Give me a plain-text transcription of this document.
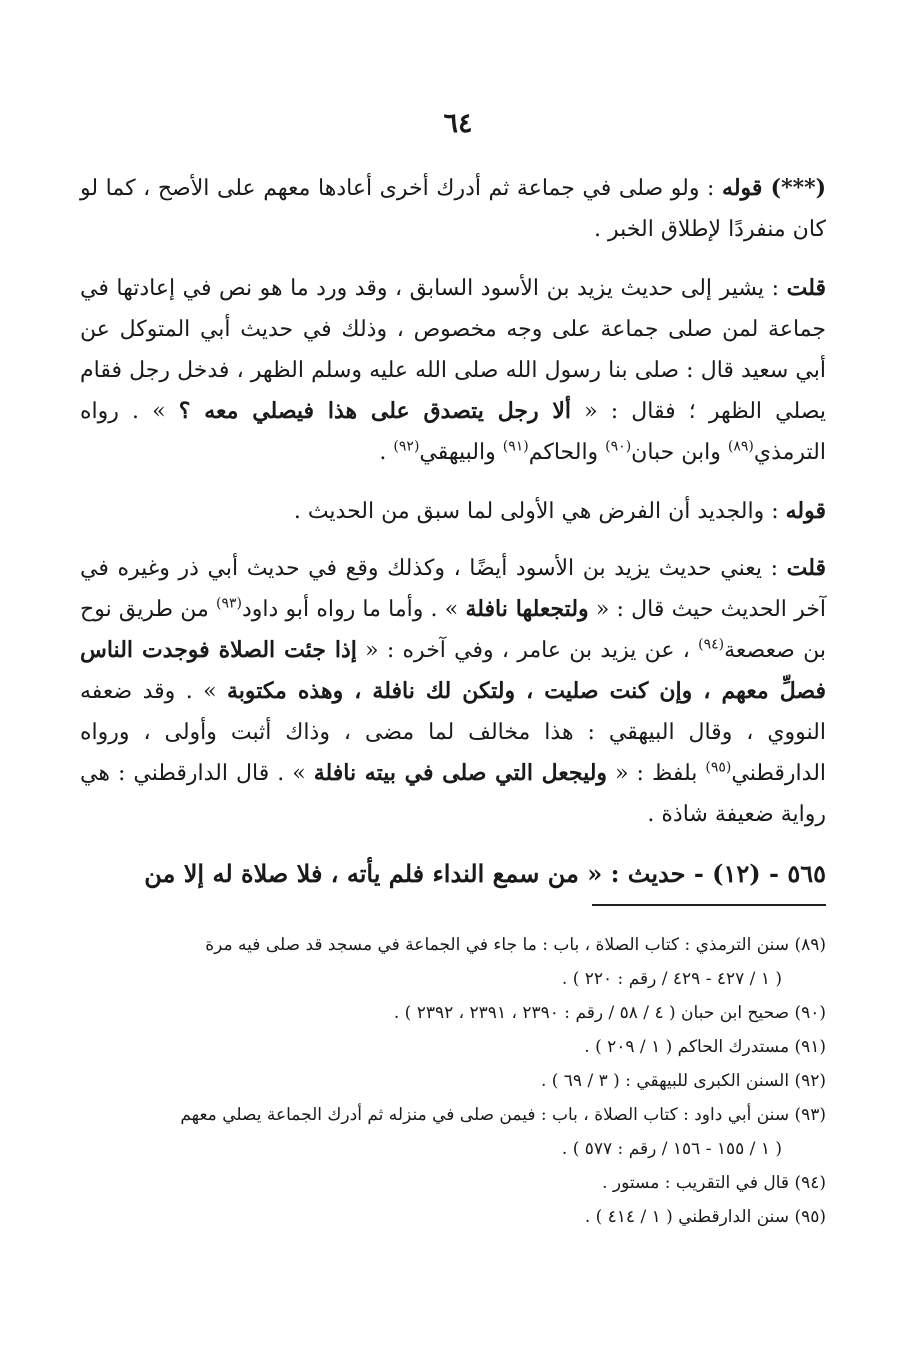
٦٤

(***) قوله : ولو صلى في جماعة ثم أدرك أخرى أعادها معهم على الأصح ، كما لو كان منفردًا لإطلاق الخبر .

قلت : يشير إلى حديث يزيد بن الأسود السابق ، وقد ورد ما هو نص في إعادتها في جماعة لمن صلى جماعة على وجه مخصوص ، وذلك في حديث أبي المتوكل عن أبي سعيد قال : صلى بنا رسول الله صلى الله عليه وسلم الظهر ، فدخل رجل فقام يصلي الظهر ؛ فقال : « ألا رجل يتصدق على هذا فيصلي معه ؟ » . رواه الترمذي$^{(٨٩)}$ وابن حبان$^{(٩٠)}$ والحاكم$^{(٩١)}$ والبيهقي$^{(٩٢)}$ .

قوله : والجديد أن الفرض هي الأولى لما سبق من الحديث .

قلت : يعني حديث يزيد بن الأسود أيضًا ، وكذلك وقع في حديث أبي ذر وغيره في آخر الحديث حيث قال : « ولتجعلها نافلة » . وأما ما رواه أبو داود$^{(٩٣)}$ من طريق نوح بن صعصعة$^{(٩٤)}$ ، عن يزيد بن عامر ، وفي آخره : « إذا جئت الصلاة فوجدت الناس فصلِّ معهم ، وإن كنت صليت ، ولتكن لك نافلة ، وهذه مكتوبة » . وقد ضعفه النووي ، وقال البيهقي : هذا مخالف لما مضى ، وذاك أثبت وأولى ، ورواه الدارقطني$^{(٩٥)}$ بلفظ : « وليجعل التي صلى في بيته نافلة » . قال الدارقطني : هي رواية ضعيفة شاذة .

٥٦٥ - (١٢) - حديث : « من سمع النداء فلم يأته ، فلا صلاة له إلا من

(٨٩) سنن الترمذي : كتاب الصلاة ، باب : ما جاء في الجماعة في مسجد قد صلى فيه مرة
( ١ / ٤٢٧ - ٤٢٩ / رقم : ٢٢٠ ) .

(٩٠) صحيح ابن حبان ( ٤ / ٥٨ / رقم : ٢٣٩٠ ، ٢٣٩١ ، ٢٣٩٢ ) .

(٩١) مستدرك الحاكم ( ١ / ٢٠٩ ) .

(٩٢) السنن الكبرى للبيهقي : ( ٣ / ٦٩ ) .

(٩٣) سنن أبي داود : كتاب الصلاة ، باب : فيمن صلى في منزله ثم أدرك الجماعة يصلي معهم
( ١ / ١٥٥ - ١٥٦ / رقم : ٥٧٧ ) .

(٩٤) قال في التقريب : مستور .

(٩٥) سنن الدارقطني ( ١ / ٤١٤ ) .
